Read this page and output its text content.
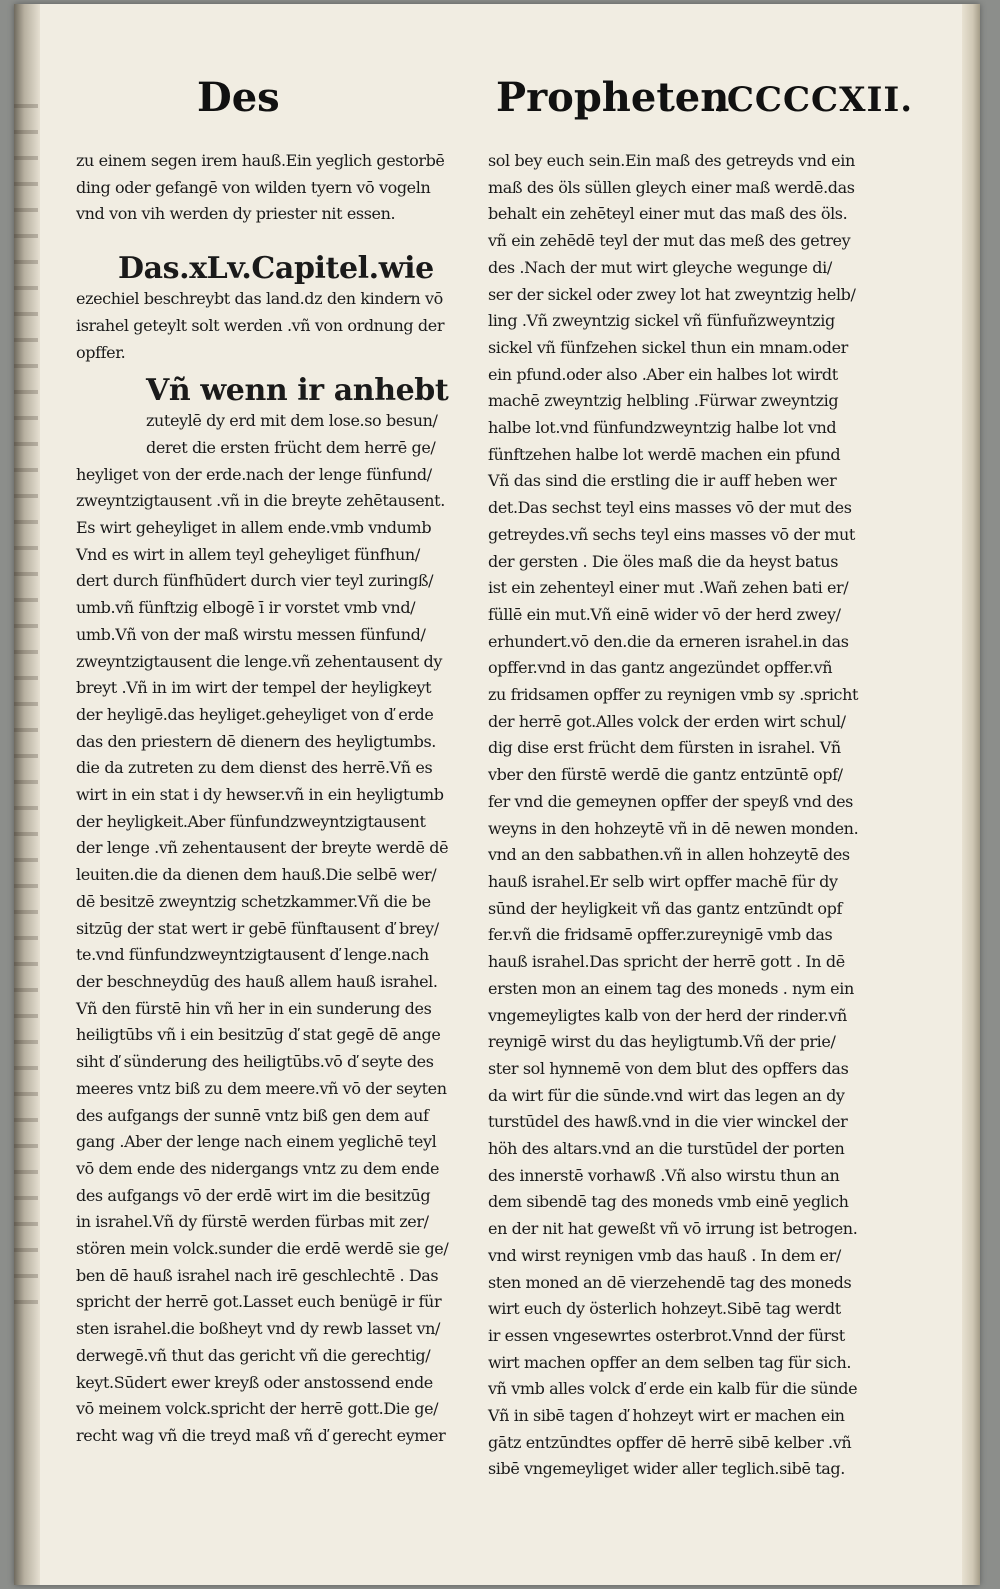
Des	Propheten
.CCCCXII.

zu einem segen irem hauß.Ein yeglich gestorbē

ding oder gefangē von wilden tyern vō vogeln

vnd von vih werden dy priester nit essen.

Das.xLv.Capitel.wie

ezechiel beschreybt das land.dz den kindern vō

israhel geteylt solt werden .vñ von ordnung der

opffer.

Vñ wenn ir anhebt

zuteylē dy erd mit dem lose.so besun/

deret die ersten frücht dem herrē ge/

heyliget von der erde.nach der lenge fünfund/

zweyntzigtausent .vñ in die breyte zehētausent.

Es wirt geheyliget in allem ende.vmb vndumb

Vnd es wirt in allem teyl geheyliget fünfhun/

dert durch fünfhūdert durch vier teyl zuringß/

umb.vñ fünftzig elbogē ī ir vorstet vmb vnd/

umb.Vñ von der maß wirstu messen fünfund/

zweyntzigtausent die lenge.vñ zehentausent dy

breyt .Vñ in im wirt der tempel der heyligkeyt

der heyligē.das heyliget.geheyliget von ď erde

das den priestern dē dienern des heyligtumbs.

die da zutreten zu dem dienst des herrē.Vñ es

wirt in ein stat i dy hewser.vñ in ein heyligtumb

der heyligkeit.Aber fünfundzweyntzigtausent

der lenge .vñ zehentausent der breyte werdē dē

leuiten.die da dienen dem hauß.Die selbē wer/

dē besitzē zweyntzig schetzkammer.Vñ die be

sitzūg der stat wert ir gebē fünftausent ď brey/

te.vnd fünfundzweyntzigtausent ď lenge.nach

der beschneydūg des hauß allem hauß israhel.

Vñ den fürstē hin vñ her in ein sunderung des

heiligtūbs vñ i ein besitzūg ď stat gegē dē ange

siht ď sünderung des heiligtūbs.vō ď seyte des

meeres vntz biß zu dem meere.vñ vō der seyten

des aufgangs der sunnē vntz biß gen dem auf

gang .Aber der lenge nach einem yeglichē teyl

vō dem ende des nidergangs vntz zu dem ende

des aufgangs vō der erdē wirt im die besitzūg

in israhel.Vñ dy fürstē werden fürbas mit zer/

stören mein volck.sunder die erdē werdē sie ge/

ben dē hauß israhel nach irē geschlechtē . Das

spricht der herrē got.Lasset euch benügē ir für

sten israhel.die boßheyt vnd dy rewb lasset vn/

derwegē.vñ thut das gericht vñ die gerechtig/

keyt.Sūdert ewer kreyß oder anstossend ende

vō meinem volck.spricht der herrē gott.Die ge/

recht wag vñ die treyd maß vñ ď gerecht eymer

sol bey euch sein.Ein maß des getreyds vnd ein

maß des öls süllen gleych einer maß werdē.das

behalt ein zehēteyl einer mut das maß des öls.

vñ ein zehēdē teyl der mut das meß des getrey

des .Nach der mut wirt gleyche wegunge di/

ser der sickel oder zwey lot hat zweyntzig helb/

ling .Vñ zweyntzig sickel vñ fünfuñzweyntzig

sickel vñ fünfzehen sickel thun ein mnam.oder

ein pfund.oder also .Aber ein halbes lot wirdt

machē zweyntzig helbling .Fürwar zweyntzig

halbe lot.vnd fünfundzweyntzig halbe lot vnd

fünftzehen halbe lot werdē machen ein pfund

Vñ das sind die erstling die ir auff heben wer

det.Das sechst teyl eins masses vō der mut des

getreydes.vñ sechs teyl eins masses vō der mut

der gersten . Die öles maß die da heyst batus

ist ein zehenteyl einer mut .Wañ zehen bati er/

füllē ein mut.Vñ einē wider vō der herd zwey/

erhundert.vō den.die da erneren israhel.in das

opffer.vnd in das gantz angezündet opffer.vñ

zu fridsamen opffer zu reynigen vmb sy .spricht

der herrē got.Alles volck der erden wirt schul/

dig dise erst frücht dem fürsten in israhel. Vñ

vber den fürstē werdē die gantz entzūntē opf/

fer vnd die gemeynen opffer der speyß vnd des

weyns in den hohzeytē vñ in dē newen monden.

vnd an den sabbathen.vñ in allen hohzeytē des

hauß israhel.Er selb wirt opffer machē für dy

sūnd der heyligkeit vñ das gantz entzūndt opf

fer.vñ die fridsamē opffer.zureynigē vmb das

hauß israhel.Das spricht der herrē gott . In dē

ersten mon an einem tag des moneds . nym ein

vngemeyligtes kalb von der herd der rinder.vñ

reynigē wirst du das heyligtumb.Vñ der prie/

ster sol hynnemē von dem blut des opffers das

da wirt für die sūnde.vnd wirt das legen an dy

turstūdel des hawß.vnd in die vier winckel der

höh des altars.vnd an die turstūdel der porten

des innerstē vorhawß .Vñ also wirstu thun an

dem sibendē tag des moneds vmb einē yeglich

en der nit hat geweßt vñ vō irrung ist betrogen.

vnd wirst reynigen vmb das hauß . In dem er/

sten moned an dē vierzehendē tag des moneds

wirt euch dy österlich hohzeyt.Sibē tag werdt

ir essen vngesewrtes osterbrot.Vnnd der fürst

wirt machen opffer an dem selben tag für sich.

vñ vmb alles volck ď erde ein kalb für die sünde

Vñ in sibē tagen ď hohzeyt wirt er machen ein

gātz entzūndtes opffer dē herrē sibē kelber .vñ

sibē vngemeyliget wider aller teglich.sibē tag.
